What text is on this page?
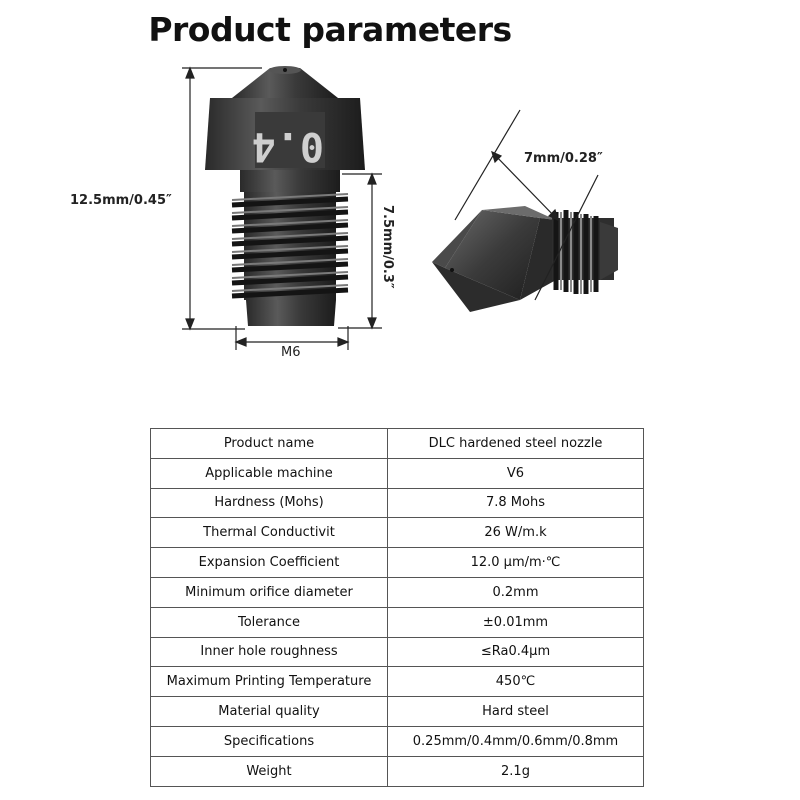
Product parameters
12.5mm/0.45″
7.5mm/0.3″
M6
7mm/0.28″
0.4
Product name	DLC hardened steel nozzle
Applicable machine	V6
Hardness (Mohs)	7.8 Mohs
Thermal Conductivit	26 W/m.k
Expansion Coefficient	12.0 μm/m·℃
Minimum orifice diameter	0.2mm
Tolerance	±0.01mm
Inner hole roughness	≤Ra0.4μm
Maximum Printing Temperature	450℃
Material quality	Hard steel
Specifications	0.25mm/0.4mm/0.6mm/0.8mm
Weight	2.1g
